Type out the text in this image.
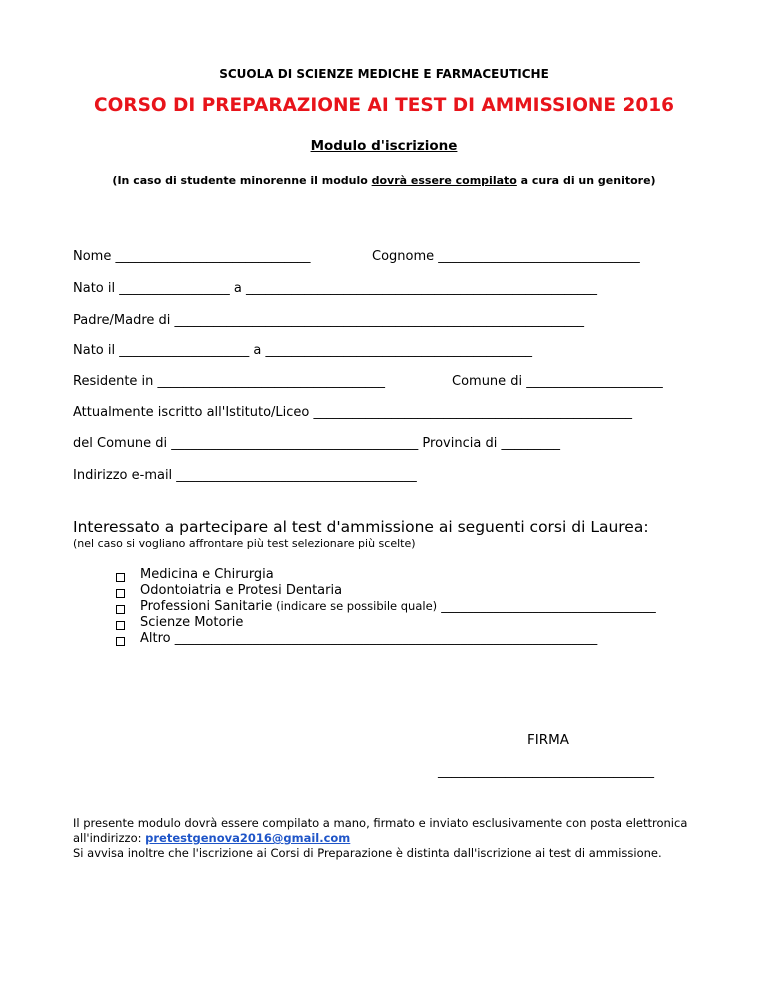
SCUOLA DI SCIENZE MEDICHE E FARMACEUTICHE
CORSO DI PREPARAZIONE AI TEST DI AMMISSIONE 2016
Modulo d'iscrizione
(In caso di studente minorenne il modulo dovrà essere compilato a cura di un genitore)
Nome ______________________________	Cognome _______________________________
Nato il _________________ a ______________________________________________________
Padre/Madre di _______________________________________________________________
Nato il ____________________ a _________________________________________
Residente in ___________________________________	Comune di _____________________
Attualmente iscritto all'Istituto/Liceo _________________________________________________
del Comune di ______________________________________ Provincia di _________
Indirizzo e-mail _____________________________________
Interessato a partecipare al test d'ammissione ai seguenti corsi di Laurea:
(nel caso si vogliano affrontare più test selezionare più scelte)
Medicina e Chirurgia
Odontoiatria e Protesi Dentaria
Professioni Sanitarie (indicare se possibile quale) _________________________________
Scienze Motorie
Altro _________________________________________________________________
FIRMA
________________________________
Il presente modulo dovrà essere compilato a mano, firmato e inviato esclusivamente con posta elettronica
all'indirizzo: pretestgenova2016@gmail.com
Si avvisa inoltre che l'iscrizione ai Corsi di Preparazione è distinta dall'iscrizione ai test di ammissione.
